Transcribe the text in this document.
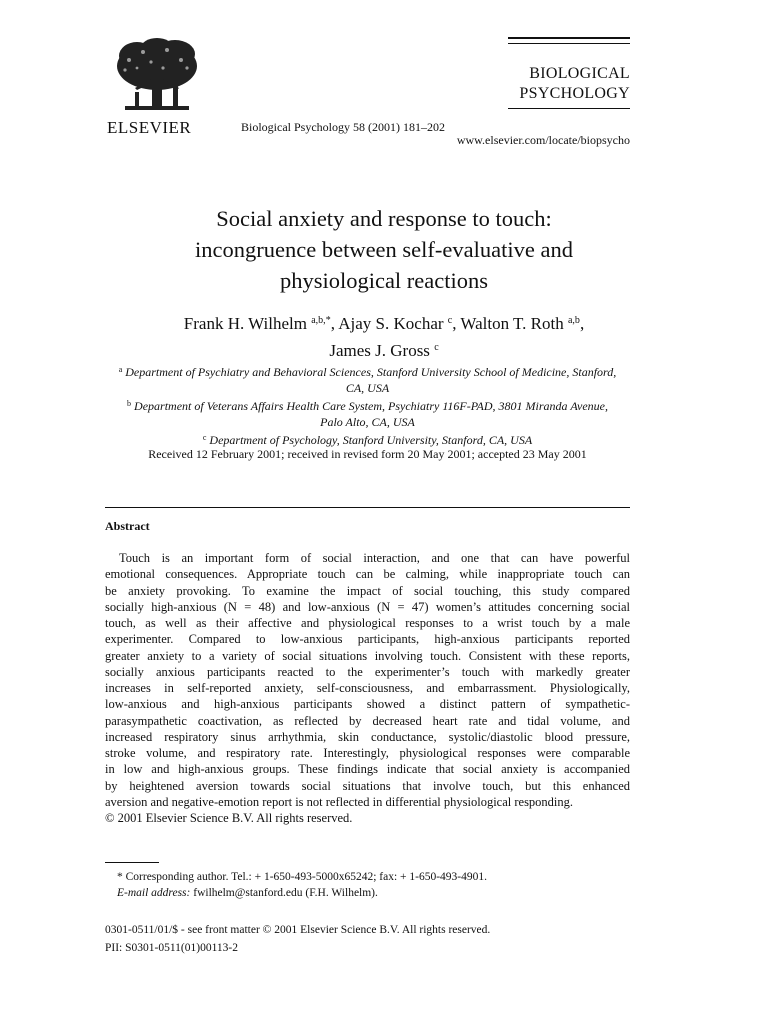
ELSEVIER	Biological Psychology 58 (2001) 181–202
BIOLOGICAL
PSYCHOLOGY
www.elsevier.com/locate/biopsycho
Social anxiety and response to touch:
incongruence between self-evaluative and
physiological reactions
Frank H. Wilhelm $^{a,b,*}$, Ajay S. Kochar $^c$, Walton T. Roth $^{a,b}$,
James J. Gross $^c$
$^a$ Department of Psychiatry and Behavioral Sciences, Stanford University School of Medicine, Stanford,
CA, USA
$^b$ Department of Veterans Affairs Health Care System, Psychiatry 116F-PAD, 3801 Miranda Avenue,
Palo Alto, CA, USA
$^c$ Department of Psychology, Stanford University, Stanford, CA, USA
Received 12 February 2001; received in revised form 20 May 2001; accepted 23 May 2001
Abstract
Touch is an important form of social interaction, and one that can have powerful
emotional consequences. Appropriate touch can be calming, while inappropriate touch can
be anxiety provoking. To examine the impact of social touching, this study compared
socially high-anxious (N = 48) and low-anxious (N = 47) women’s attitudes concerning social
touch, as well as their affective and physiological responses to a wrist touch by a male
experimenter. Compared to low-anxious participants, high-anxious participants reported
greater anxiety to a variety of social situations involving touch. Consistent with these reports,
socially anxious participants reacted to the experimenter’s touch with markedly greater
increases in self-reported anxiety, self-consciousness, and embarrassment. Physiologically,
low-anxious and high-anxious participants showed a distinct pattern of sympathetic-
parasympathetic coactivation, as reflected by decreased heart rate and tidal volume, and
increased respiratory sinus arrhythmia, skin conductance, systolic/diastolic blood pressure,
stroke volume, and respiratory rate. Interestingly, physiological responses were comparable
in low and high-anxious groups. These findings indicate that social anxiety is accompanied
by heightened aversion towards social situations that involve touch, but this enhanced
aversion and negative-emotion report is not reflected in differential physiological responding.
© 2001 Elsevier Science B.V. All rights reserved.
* Corresponding author. Tel.: + 1-650-493-5000x65242; fax: + 1-650-493-4901.
E-mail address: fwilhelm@stanford.edu (F.H. Wilhelm).
0301-0511/01/$ - see front matter © 2001 Elsevier Science B.V. All rights reserved.
PII: S0301-0511(01)00113-2
